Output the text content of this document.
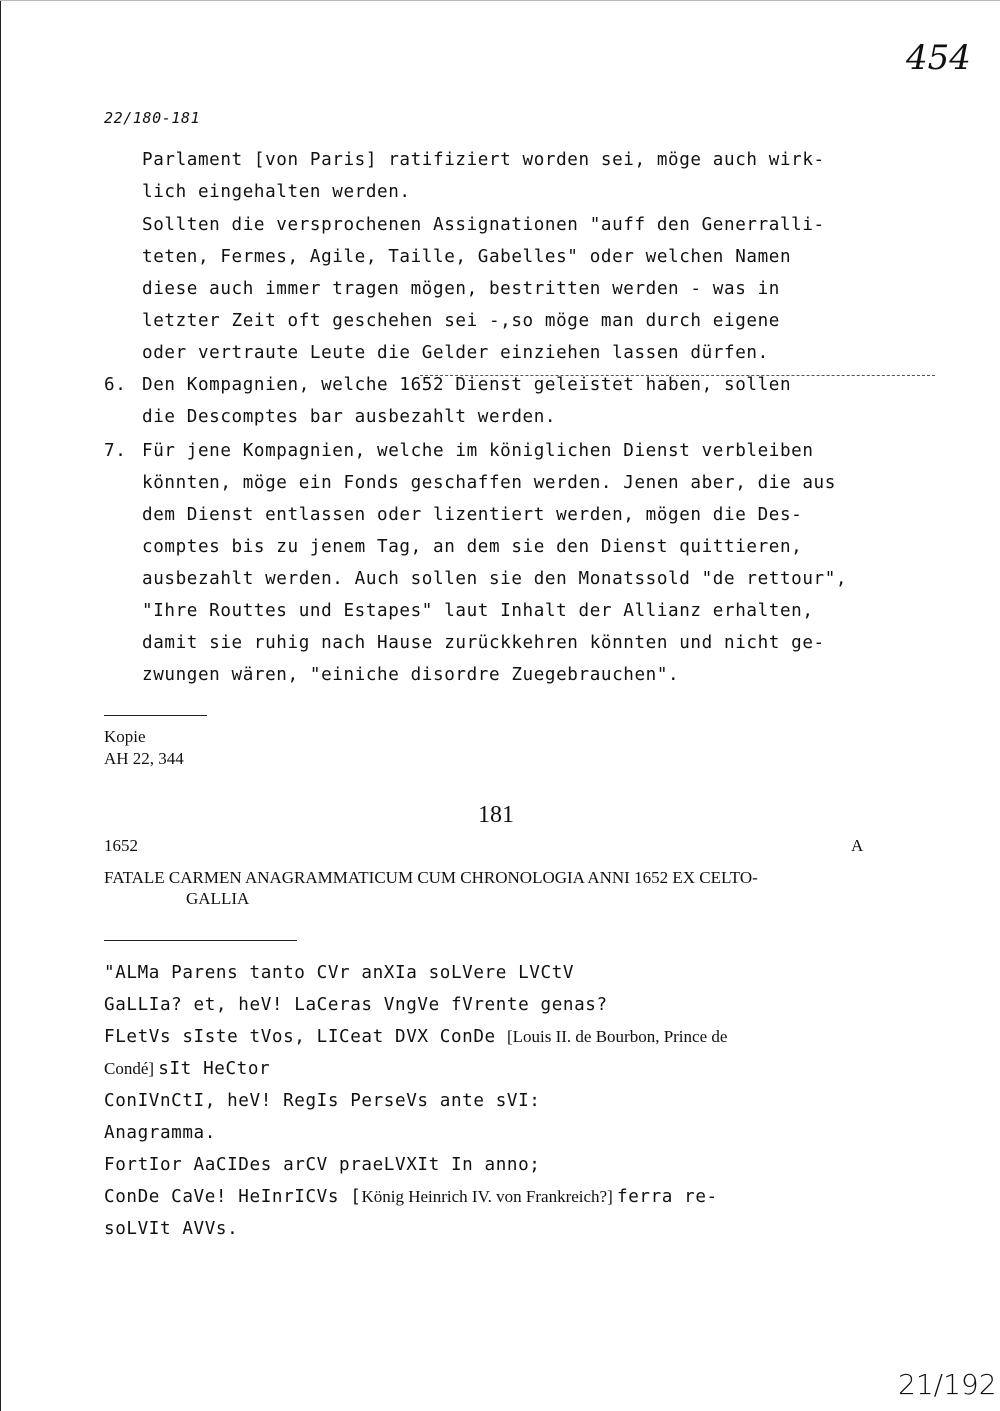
454
22/180-181
Parlament [von Paris] ratifiziert worden sei, möge auch wirk-
lich eingehalten werden.
Sollten die versprochenen Assignationen "auff den Generralli-
teten, Fermes, Agile, Taille, Gabelles" oder welchen Namen
diese auch immer tragen mögen, bestritten werden - was in
letzter Zeit oft geschehen sei -,so möge man durch eigene
oder vertraute Leute die Gelder einziehen lassen dürfen.
6. Den Kompagnien, welche 1652 Dienst geleistet haben, sollen
die Descomptes bar ausbezahlt werden.
7. Für jene Kompagnien, welche im königlichen Dienst verbleiben
könnten, möge ein Fonds geschaffen werden. Jenen aber, die aus
dem Dienst entlassen oder lizentiert werden, mögen die Des-
comptes bis zu jenem Tag, an dem sie den Dienst quittieren,
ausbezahlt werden. Auch sollen sie den Monatssold "de rettour",
"Ihre Routtes und Estapes" laut Inhalt der Allianz erhalten,
damit sie ruhig nach Hause zurückkehren könnten und nicht ge-
zwungen wären, "einiche disordre Zuegebrauchen".
Kopie
AH 22, 344
181
1652	A
FATALE CARMEN ANAGRAMMATICUM CUM CHRONOLOGIA ANNI 1652 EX CELTO-
GALLIA
"ALMa Parens tanto CVr anXIa soLVere LVCtV
GaLLIa? et, heV! LaCeras VngVe fVrente genas?
FLetVs sIste tVos, LICeat DVX ConDe [Louis II. de Bourbon, Prince de
Condé] sIt HeCtor
ConIVnCtI, heV! RegIs PerseVs ante sVI:
Anagramma.
FortIor AaCIDes arCV praeLVXIt In anno;
ConDe CaVe! HeInrICVs [König Heinrich IV. von Frankreich?] ferra re-
soLVIt AVVs.
21/192
